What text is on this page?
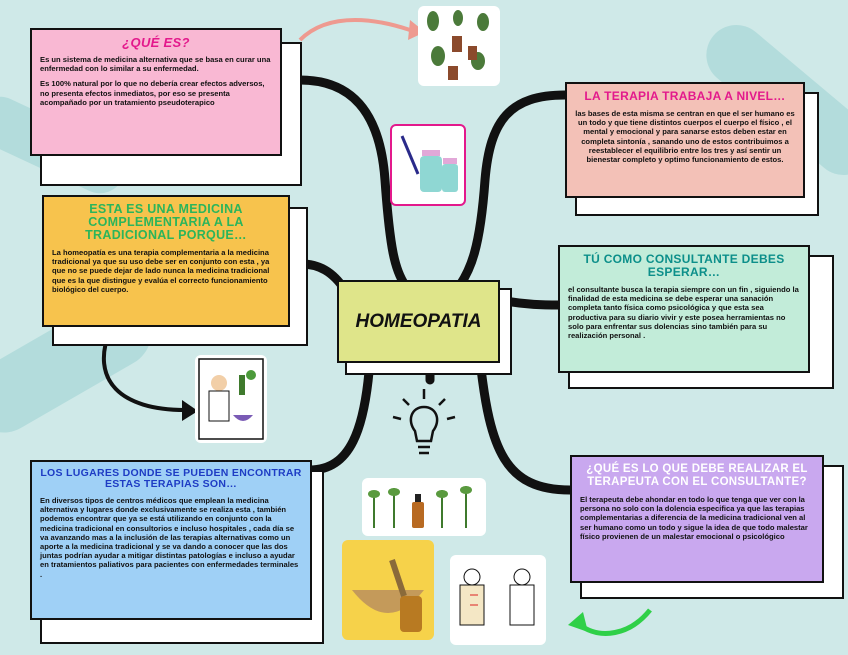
¿QUÉ ES?

Es un sistema de medicina alternativa que se basa en curar una enfermedad con lo similar a su enfermedad.

Es 100% natural por lo que no debería crear efectos adversos, no presenta efectos inmediatos, por eso se presenta acompañado por un tratamiento pseudoterapico

ESTA ES UNA MEDICINA COMPLEMENTARIA A LA TRADICIONAL PORQUE…

La homeopatía es una terapia complementaria a la medicina tradicional ya que su uso debe ser en conjunto con esta , ya que no se puede dejar de lado nunca la medicina tradicional que es la que distingue y evalúa el correcto funcionamiento biológico del cuerpo.

LOS LUGARES DONDE SE PUEDEN ENCONTRAR ESTAS TERAPIAS SON…

En diversos tipos de centros médicos que emplean la medicina alternativa y lugares donde exclusivamente se realiza esta , también podemos encontrar que ya se está utilizando en conjunto con la medicina tradicional en consultorios e incluso hospitales , cada día se va avanzando mas a la inclusión de las terapias alternativas como un aporte a la medicina tradicional y se va dando a conocer que las dos juntas podrían ayudar a mitigar distintas patologías e incluso a ayudar en tratamientos paliativos para pacientes con enfermedades terminales .

LA TERAPIA TRABAJA A NIVEL…

las bases de esta misma se centran en que el ser humano es un todo y que tiene distintos cuerpos el cuerpo el físico , el mental y emocional y para sanarse estos deben estar en completa sintonía , sanando uno de estos contribuimos a reestablecer el equilibrio entre los tres y así sentir un bienestar completo y optimo funcionamiento de estos.

TÚ COMO CONSULTANTE DEBES ESPERAR…

el consultante busca la terapia siempre con un fin , siguiendo la finalidad de esta medicina se debe esperar una sanación completa tanto física como psicológica y que esta sea productiva para su diario vivir y este posea herramientas no solo para enfrentar sus dolencias sino también para su realización personal .

¿QUÉ ES LO QUE DEBE REALIZAR EL TERAPEUTA CON EL CONSULTANTE?

El terapeuta debe ahondar en todo lo que tenga que ver con la persona no solo con la dolencia especifica ya que las terapias complementarias a diferencia de la medicina tradicional ven al ser humano como un todo y sigue la idea de que todo malestar físico provienen de un malestar emocional o psicológico

HOMEOPATIA
